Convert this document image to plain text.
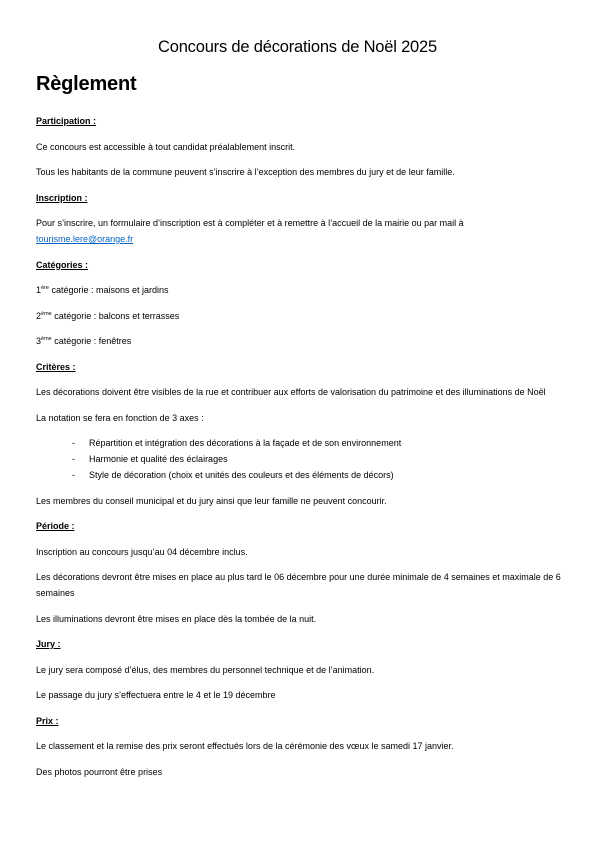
Concours de décorations de Noël 2025
Règlement

Participation :

Ce concours est accessible à tout candidat préalablement inscrit.

Tous les habitants de la commune peuvent s’inscrire à l’exception des membres du jury et de leur famille.

Inscription :

Pour s’inscrire, un formulaire d’inscription est à compléter et à remettre à l’accueil de la mairie ou par mail à
tourisme.lere@orange.fr

Catégories :

1ère catégorie : maisons et jardins

2ème catégorie : balcons et terrasses

3ème catégorie : fenêtres

Critères :

Les décorations doivent être visibles de la rue et contribuer aux efforts de valorisation du patrimoine et des illuminations de Noël

La notation se fera en fonction de 3 axes :

- Répartition et intégration des décorations à la façade et de son environnement
- Harmonie et qualité des éclairages
- Style de décoration (choix et unités des couleurs et des éléments de décors)

Les membres du conseil municipal et du jury ainsi que leur famille ne peuvent concourir.

Période :

Inscription au concours jusqu’au 04 décembre inclus.

Les décorations devront être mises en place au plus tard le 06 décembre pour une durée minimale de 4 semaines et maximale de 6 semaines

Les illuminations devront être mises en place dès la tombée de la nuit.

Jury :

Le jury sera composé d’élus, des membres du personnel technique et de l’animation.

Le passage du jury s’effectuera entre le 4 et le 19 décembre

Prix :

Le classement et la remise des prix seront effectués lors de la cérémonie des vœux le samedi 17 janvier.

Des photos pourront être prises
